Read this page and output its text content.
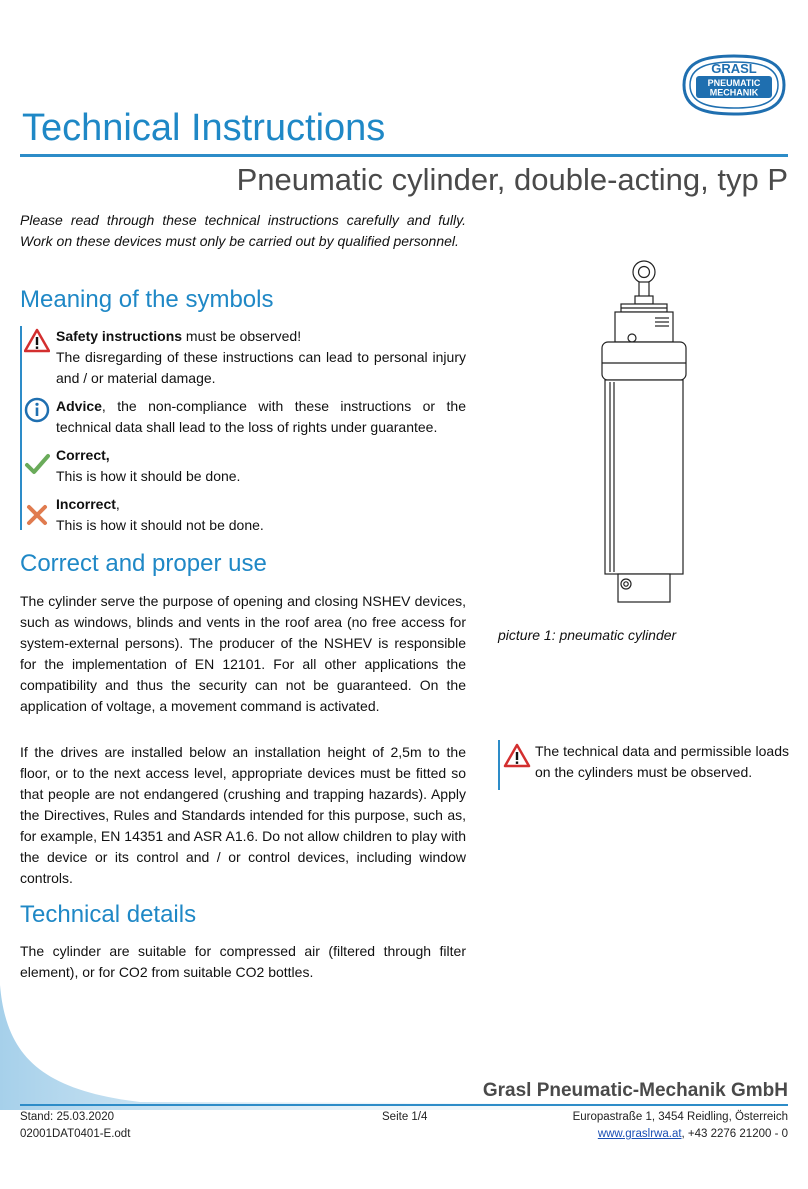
GRASL
PNEUMATIC
MECHANIK
Technical Instructions
Pneumatic cylinder, double-acting, typ P
Please read through these technical instructions carefully and fully. Work on these devices must only be carried out by qualified personnel.
Meaning of the symbols
Safety instructions must be observed!
The disregarding of these instructions can lead to personal injury and / or material damage.
Advice, the non-compliance with these instructions or the technical data shall lead to the loss of rights under guarantee.
Correct,
This is how it should be done.
Incorrect,
This is how it should not be done.
Correct and proper use
The cylinder serve the purpose of opening and closing NSHEV devices, such as windows, blinds and vents in the roof area (no free access for system-external persons). The producer of the NSHEV is responsible for the implementation of EN 12101. For all other applications the compatibility and thus the security can not be guaranteed. On the application of voltage, a movement command is activated.
If the drives are installed below an installation height of 2,5m to the floor, or to the next access level, appropriate devices must be fitted so that people are not endangered (crushing and trapping hazards). Apply the Directives, Rules and Standards intended for this purpose, such as, for example, EN 14351 and ASR A1.6. Do not allow children to play with the device or its control and / or control devices, including window controls.
Technical details
The cylinder are suitable for compressed air (filtered through filter element), or for CO2 from suitable CO2 bottles.
picture 1: pneumatic cylinder
The technical data and permissible loads on the cylinders must be observed.
Grasl Pneumatic-Mechanik GmbH
Stand: 25.03.2020
02001DAT0401-E.odt
Seite 1/4	Europastraße 1, 3454 Reidling, Österreich
www.graslrwa.at, +43 2276 21200 - 0
